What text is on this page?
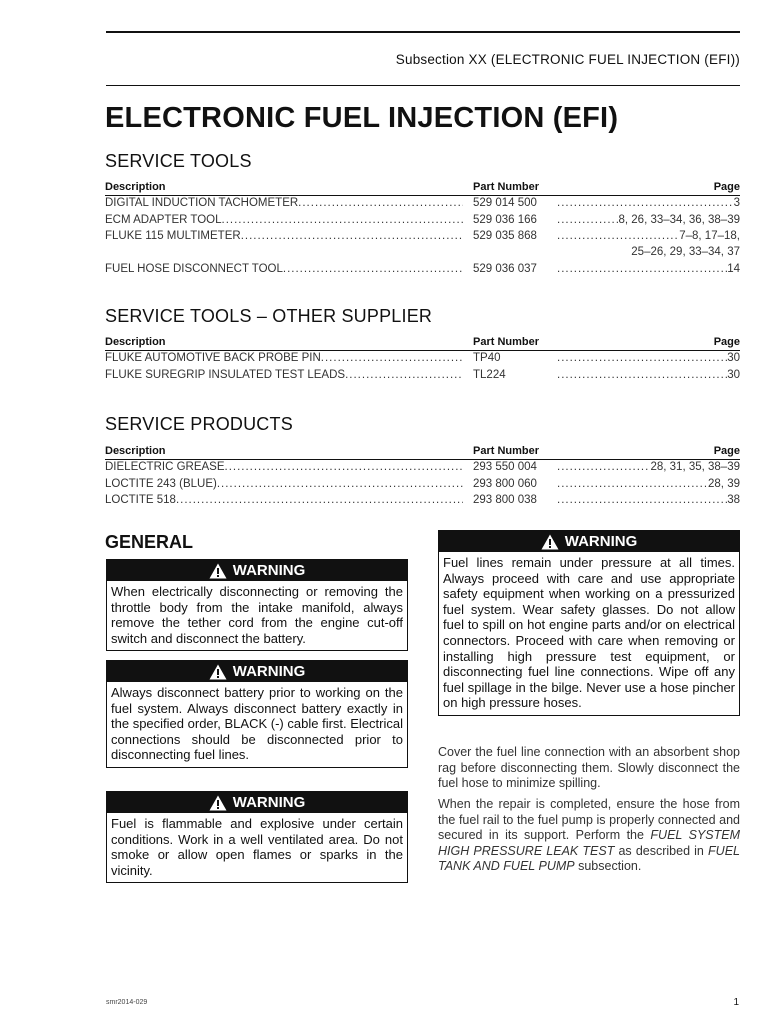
Subsection XX (ELECTRONIC FUEL INJECTION (EFI))
ELECTRONIC FUEL INJECTION (EFI)
SERVICE TOOLS
Description	Part Number	Page
DIGITAL INDUCTION TACHOMETER .....	529 014 500 .....	3
ECM ADAPTER TOOL .....	529 036 166 .....	8, 26, 33–34, 36, 38–39
FLUKE 115 MULTIMETER .....	529 035 868 .....	7–8, 17–18,
25–26, 29, 33–34, 37
FUEL HOSE DISCONNECT TOOL .....	529 036 037 .....	14
SERVICE TOOLS – OTHER SUPPLIER
Description	Part Number	Page
FLUKE AUTOMOTIVE BACK PROBE PIN .....	TP40 .....	30
FLUKE SUREGRIP INSULATED TEST LEADS .....	TL224 .....	30
SERVICE PRODUCTS
Description	Part Number	Page
DIELECTRIC GREASE .....	293 550 004 .....	28, 31, 35, 38–39
LOCTITE 243 (BLUE) .....	293 800 060 .....	28, 39
LOCTITE 518 .....	293 800 038 .....	38
GENERAL
WARNING
When electrically disconnecting or removing the throttle body from the intake manifold, always remove the tether cord from the engine cut-off switch and disconnect the battery.
WARNING
Always disconnect battery prior to working on the fuel system. Always disconnect battery exactly in the specified order, BLACK (-) cable first. Electrical connections should be disconnected prior to disconnecting fuel lines.
WARNING
Fuel is flammable and explosive under certain conditions. Work in a well ventilated area. Do not smoke or allow open flames or sparks in the vicinity.
WARNING
Fuel lines remain under pressure at all times. Always proceed with care and use appropriate safety equipment when working on a pressurized fuel system. Wear safety glasses. Do not allow fuel to spill on hot engine parts and/or on electrical connectors. Proceed with care when removing or installing high pressure test equipment, or disconnecting fuel line connections. Wipe off any fuel spillage in the bilge. Never use a hose pincher on high pressure hoses.
Cover the fuel line connection with an absorbent shop rag before disconnecting them. Slowly disconnect the fuel hose to minimize spilling.
When the repair is completed, ensure the hose from the fuel rail to the fuel pump is properly connected and secured in its support. Perform the FUEL SYSTEM HIGH PRESSURE LEAK TEST as described in FUEL TANK AND FUEL PUMP subsection.
smr2014-029	1
